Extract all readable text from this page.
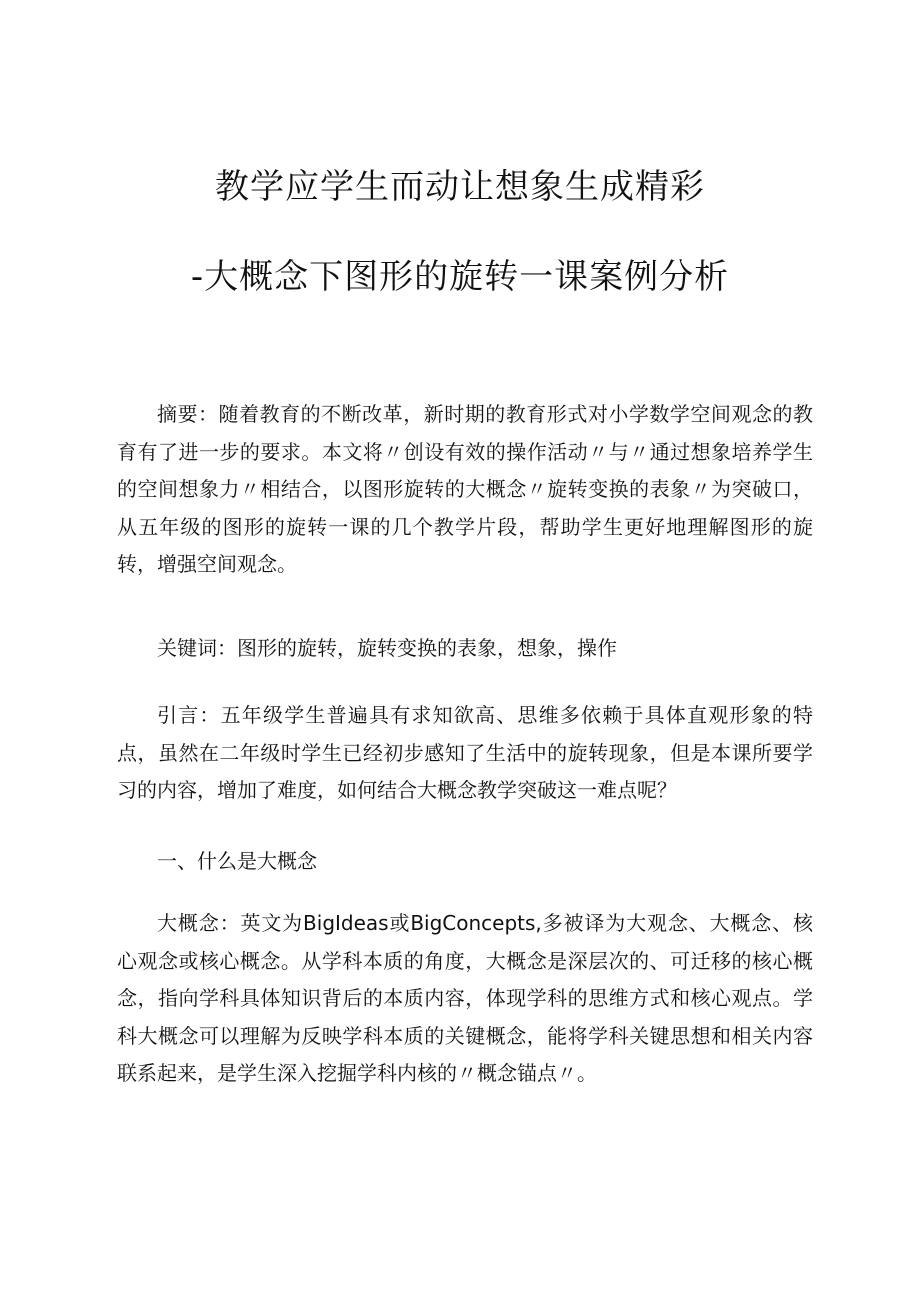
教学应学生而动让想象生成精彩
-大概念下图形的旋转一课案例分析

摘要：随着教育的不断改革，新时期的教育形式对小学数学空间观念的教育有了进一步的要求。本文将〃创设有效的操作活动〃与〃通过想象培养学生的空间想象力〃相结合，以图形旋转的大概念〃旋转变换的表象〃为突破口，从五年级的图形的旋转一课的几个教学片段，帮助学生更好地理解图形的旋转，增强空间观念。

关键词：图形的旋转，旋转变换的表象，想象，操作

引言：五年级学生普遍具有求知欲高、思维多依赖于具体直观形象的特点，虽然在二年级时学生已经初步感知了生活中的旋转现象，但是本课所要学习的内容，增加了难度，如何结合大概念教学突破这一难点呢？

一、什么是大概念

大概念：英文为BigIdeas或BigConcepts,多被译为大观念、大概念、核心观念或核心概念。从学科本质的角度，大概念是深层次的、可迁移的核心概念，指向学科具体知识背后的本质内容，体现学科的思维方式和核心观点。学科大概念可以理解为反映学科本质的关键概念，能将学科关键思想和相关内容联系起来，是学生深入挖掘学科内核的〃概念锚点〃。
